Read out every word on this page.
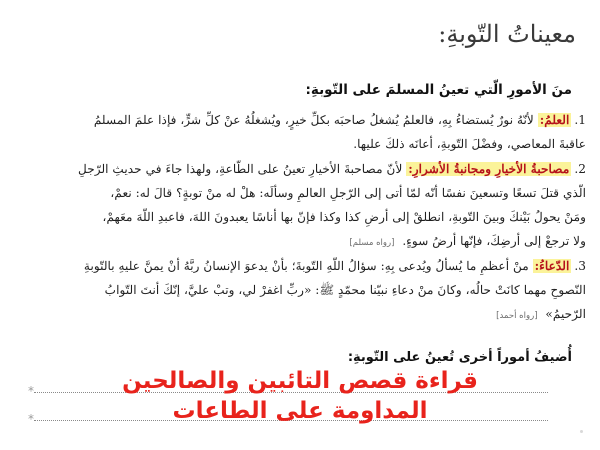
معيناتُ التّوبةِ:

منَ الأمورِ الّتي تعينُ المسلمَ على التّوبةِ:

1.العلمُ: لأنّهُ نورٌ يُستضاءُ بِهِ، فالعلمُ يُشغلُ صاحبَه بكلِّ خيرٍ، ويُشغلُهُ عنْ كلِّ شرٍّ، فإذا علمَ المسلمُ
عاقبةَ المعاصي، وفضْلَ التّوبةِ، أعانَه ذلكَ عليها.
2.مصاحبةُ الأخيارِ ومجانبةُ الأشرارِ: لأنّ مصاحبةَ الأخيارِ تعينُ على الطّاعةِ، ولهذا جاءَ في حديثِ الرّجلِ
الّذي قتلَ تسعًا وتسعينَ نفسًا أنّه لمّا أتى إلى الرّجلِ العالمِ وسألَه: هلْ له منْ توبةٍ؟ قالَ له: نعمْ،
ومَنْ يحولُ بَيْنكَ وبينَ التّوبةِ، انطلقْ إلى أرضِ كذا وكذا فإنّ بها أناسًا يعبدونَ اللهَ، فاعبدِ اللّهَ معَهمْ،
ولا ترجعْ إلى أرضِكَ، فإنّها أرضُ سوءٍ. [رواه مسلم]
3.الدّعاءُ: منْ أعظمِ ما يُسألُ ويُدعى بِهِ: سؤالُ اللّهِ التّوبةَ؛ بأنْ يدعوَ الإنسانُ ربَّهُ أنْ يمنَّ عليهِ بالتّوبةِ
النّصوحِ مهما كانَتْ حالُه، وكانَ منْ دعاءِ نبيّنا محمّدٍ ﷺ: «ربِّ اغفرْ لي، وتبْ عليَّ، إنّكَ أنتَ التّوابُ
الرّحيمُ» [رواه أحمد]

أُضيفُ أموراً أخرى تُعينُ على التّوبةِ:

*
*

قراءة قصص التائبين والصالحين

المداومة على الطاعات
